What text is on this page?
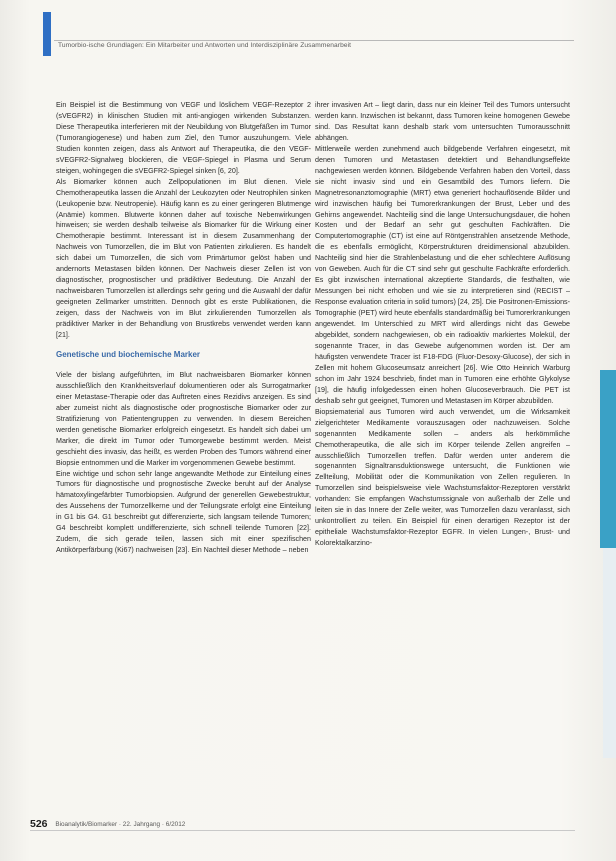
Tumorbio-ische Grundlagen: Ein Mitarbeiter und Antworten und Interdisziplinäre Zusammenarbeit

Ein Beispiel ist die Bestimmung von VEGF und löslichem VEGF-Rezeptor 2 (sVEGFR2) in klinischen Studien mit anti-angiogen wirkenden Substanzen. Diese Therapeutika interferieren mit der Neubildung von Blutgefäßen im Tumor (Tumorangiogenese) und haben zum Ziel, den Tumor auszuhungern. Viele Studien konnten zeigen, dass als Antwort auf Therapeutika, die den VEGF-sVEGFR2-Signalweg blockieren, die VEGF-Spiegel in Plasma und Serum steigen, wohingegen die sVEGFR2-Spiegel sinken [6, 20].

Als Biomarker können auch Zellpopulationen im Blut dienen. Viele Chemotherapeutika lassen die Anzahl der Leukozyten oder Neutrophilen sinken (Leukopenie bzw. Neutropenie). Häufig kann es zu einer geringeren Blutmenge (Anämie) kommen. Blutwerte können daher auf toxische Nebenwirkungen hinweisen; sie werden deshalb teilweise als Biomarker für die Wirkung einer Chemotherapie bestimmt. Interessant ist in diesem Zusammenhang der Nachweis von Tumorzellen, die im Blut von Patienten zirkulieren. Es handelt sich dabei um Tumorzellen, die sich vom Primärtumor gelöst haben und andernorts Metastasen bilden können. Der Nachweis dieser Zellen ist von diagnostischer, prognostischer und prädiktiver Bedeutung. Die Anzahl der nachweisbaren Tumorzellen ist allerdings sehr gering und die Auswahl der dafür geeigneten Zellmarker umstritten. Dennoch gibt es erste Publikationen, die zeigen, dass der Nachweis von im Blut zirkulierenden Tumorzellen als prädiktiver Marker in der Behandlung von Brustkrebs verwendet werden kann [21].

Genetische und biochemische Marker

Viele der bislang aufgeführten, im Blut nachweisbaren Biomarker können ausschließlich den Krankheitsverlauf dokumentieren oder als Surrogatmarker einer Metastase-Therapie oder das Auftreten eines Rezidivs anzeigen. Es sind aber zumeist nicht als diagnostische oder prognostische Biomarker oder zur Stratifizierung von Patientengruppen zu verwenden. In diesem Bereichen werden genetische Biomarker erfolgreich eingesetzt. Es handelt sich dabei um Marker, die direkt im Tumor oder Tumorgewebe bestimmt werden. Meist geschieht dies invasiv, das heißt, es werden Proben des Tumors während einer Biopsie entnommen und die Marker im vorgenommenen Gewebe bestimmt.

Eine wichtige und schon sehr lange angewandte Methode zur Einteilung eines Tumors für diagnostische und prognostische Zwecke beruht auf der Analyse hämatoxylingefärbter Tumorbiopsien. Aufgrund der generellen Gewebestruktur, des Aussehens der Tumorzellkerne und der Teilungsrate erfolgt eine Einteilung in G1 bis G4. G1 beschreibt gut differenzierte, sich langsam teilende Tumoren; G4 beschreibt komplett undifferenzierte, sich schnell teilende Tumoren [22]. Zudem, die sich gerade teilen, lassen sich mit einer spezifischen Antikörperfärbung (Ki67) nachweisen [23]. Ein Nachteil dieser Methode – neben

ihrer invasiven Art – liegt darin, dass nur ein kleiner Teil des Tumors untersucht werden kann. Inzwischen ist bekannt, dass Tumoren keine homogenen Gewebe sind. Das Resultat kann deshalb stark vom untersuchten Tumorausschnitt abhängen.

Mittlerweile werden zunehmend auch bildgebende Verfahren eingesetzt, mit denen Tumoren und Metastasen detektiert und Behandlungseffekte nachgewiesen werden können. Bildgebende Verfahren haben den Vorteil, dass sie nicht invasiv sind und ein Gesamtbild des Tumors liefern. Die Magnetresonanztomographie (MRT) etwa generiert hochauflösende Bilder und wird inzwischen häufig bei Tumorerkrankungen der Brust, Leber und des Gehirns angewendet. Nachteilig sind die lange Untersuchungsdauer, die hohen Kosten und der Bedarf an sehr gut geschulten Fachkräften. Die Computertomographie (CT) ist eine auf Röntgenstrahlen ansetzende Methode, die es ebenfalls ermöglicht, Körperstrukturen dreidimensional abzubilden. Nachteilig sind hier die Strahlenbelastung und die eher schlechtere Auflösung von Geweben. Auch für die CT sind sehr gut geschulte Fachkräfte erforderlich. Es gibt inzwischen international akzeptierte Standards, die festhalten, wie Messungen bei nicht erhoben und wie sie zu interpretieren sind (RECIST – Response evaluation criteria in solid tumors) [24, 25]. Die Positronen-Emissions-Tomographie (PET) wird heute ebenfalls standardmäßig bei Tumorerkrankungen angewendet. Im Unterschied zu MRT wird allerdings nicht das Gewebe abgebildet, sondern nachgewiesen, ob ein radioaktiv markiertes Molekül, der sogenannte Tracer, in das Gewebe aufgenommen worden ist. Der am häufigsten verwendete Tracer ist F18-FDG (Fluor-Desoxy-Glucose), der sich in Zellen mit hohem Glucoseumsatz anreichert [26]. Wie Otto Heinrich Warburg schon im Jahr 1924 beschrieb, findet man in Tumoren eine erhöhte Glykolyse [19], die häufig infolgedessen einen hohen Glucoseverbrauch. Die PET ist deshalb sehr gut geeignet, Tumoren und Metastasen im Körper abzubilden.

Biopsiematerial aus Tumoren wird auch verwendet, um die Wirksamkeit zielgerichteter Medikamente vorauszusagen oder nachzuweisen. Solche sogenannten Medikamente sollen – anders als herkömmliche Chemotherapeutika, die alle sich im Körper teilende Zellen angreifen – ausschließlich Tumorzellen treffen. Dafür werden unter anderem die sogenannten Signaltransduktionswege untersucht, die Funktionen wie Zellteilung, Mobilität oder die Kommunikation von Zellen regulieren. In Tumorzellen sind beispielsweise viele Wachstumsfaktor-Rezeptoren verstärkt vorhanden: Sie empfangen Wachstumssignale von außerhalb der Zelle und leiten sie in das Innere der Zelle weiter, was Tumorzellen dazu veranlasst, sich unkontrolliert zu teilen. Ein Beispiel für einen derartigen Rezeptor ist der epitheliale Wachstumsfaktor-Rezeptor EGFR. In vielen Lungen-, Brust- und Kolorektalkarzino-

526 Bioanalytik/Biomarker · 22. Jahrgang · 6/2012
